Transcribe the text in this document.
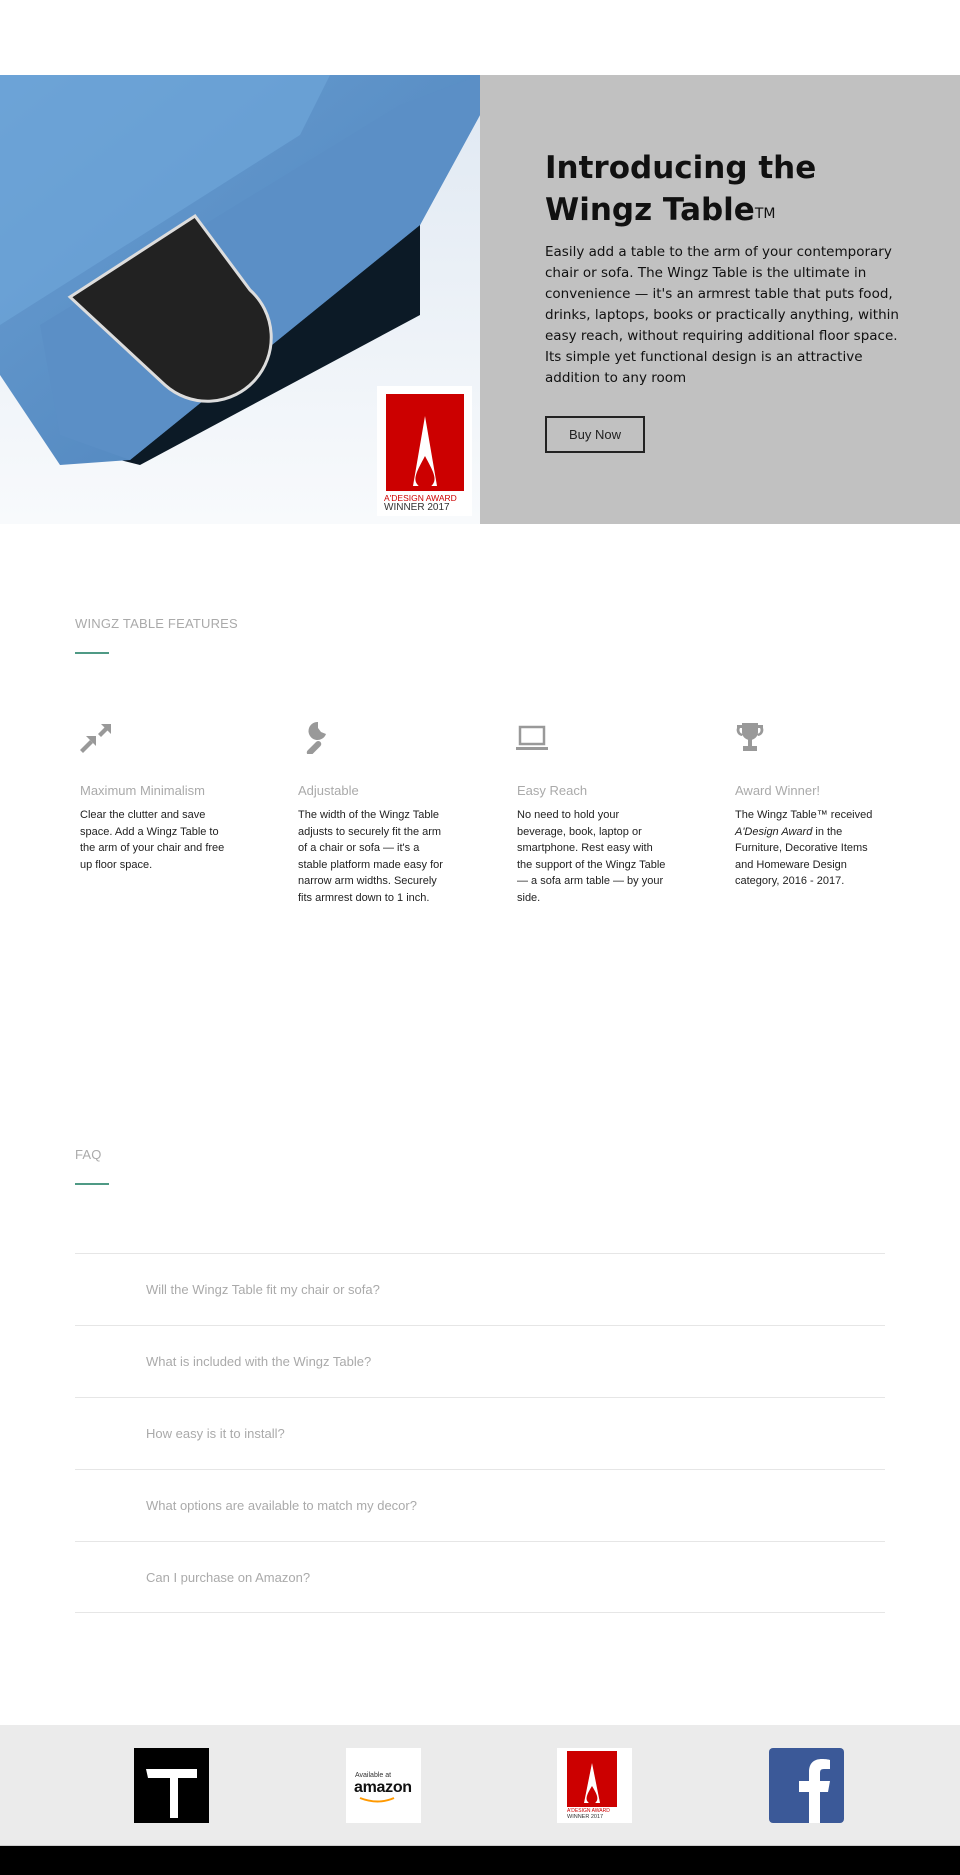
A'DESIGN AWARD
WINNER 2017
Introducing the Wingz Table™

Easily add a table to the arm of your contemporary chair or sofa. The Wingz Table is the ultimate in convenience — it's an armrest table that puts food, drinks, laptops, books or practically anything, within easy reach, without requiring additional floor space. Its simple yet functional design is an attractive addition to any room

Buy Now
WINGZ TABLE FEATURES
Maximum Minimalism

Clear the clutter and save space. Add a Wingz Table to the arm of your chair and free up floor space.

Adjustable

The width of the Wingz Table adjusts to securely fit the arm of a chair or sofa — it's a stable platform made easy for narrow arm widths. Securely fits armrest down to 1 inch.

Easy Reach

No need to hold your beverage, book, laptop or smartphone. Rest easy with the support of the Wingz Table — a sofa arm table — by your side.

Award Winner!

The Wingz Table™ received A'Design Award in the Furniture, Decorative Items and Homeware Design category, 2016 - 2017.

FAQ
Will the Wingz Table fit my chair or sofa?
What is included with the Wingz Table?
How easy is it to install?
What options are available to match my decor?
Can I purchase on Amazon?
Available at
amazon
A'DESIGN AWARD
WINNER 2017
